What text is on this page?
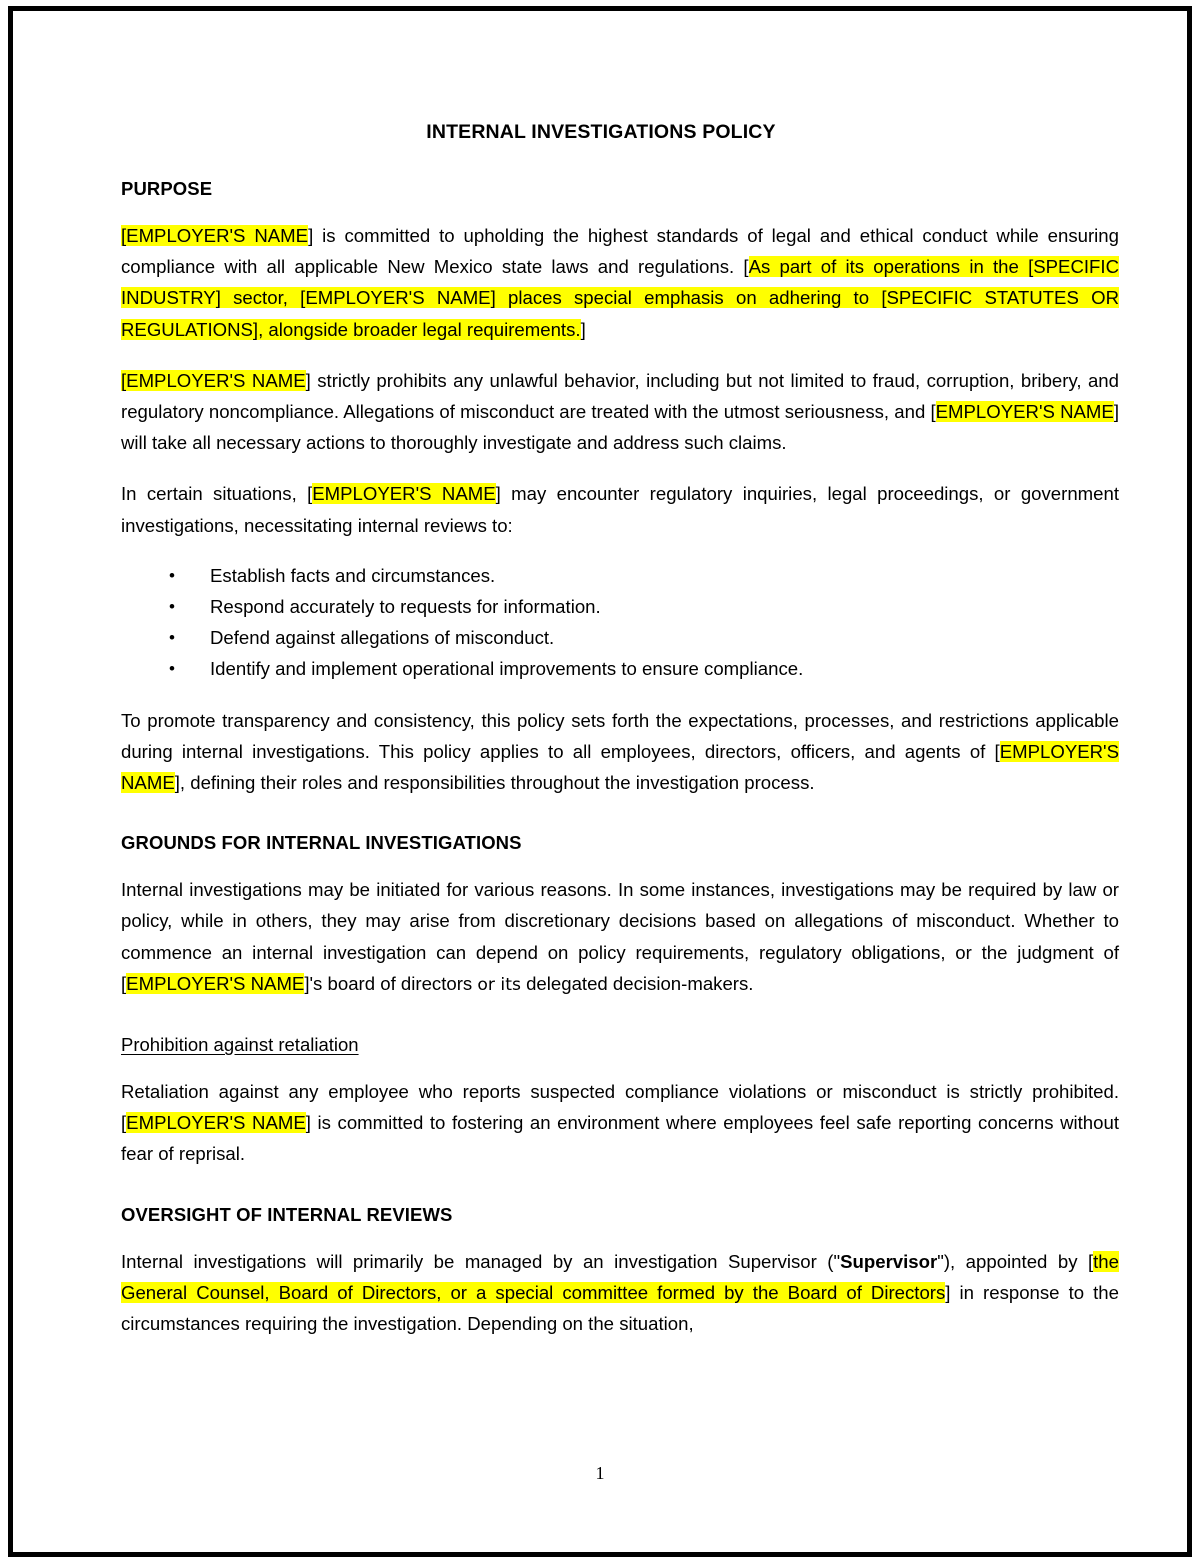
INTERNAL INVESTIGATIONS POLICY
PURPOSE

[EMPLOYER'S NAME] is committed to upholding the highest standards of legal and ethical conduct while ensuring compliance with all applicable New Mexico state laws and regulations. [As part of its operations in the [SPECIFIC INDUSTRY] sector, [EMPLOYER'S NAME] places special emphasis on adhering to [SPECIFIC STATUTES OR REGULATIONS], alongside broader legal requirements.]

[EMPLOYER'S NAME] strictly prohibits any unlawful behavior, including but not limited to fraud, corruption, bribery, and regulatory noncompliance. Allegations of misconduct are treated with the utmost seriousness, and [EMPLOYER'S NAME] will take all necessary actions to thoroughly investigate and address such claims.

In certain situations, [EMPLOYER'S NAME] may encounter regulatory inquiries, legal proceedings, or government investigations, necessitating internal reviews to:

• Establish facts and circumstances.
• Respond accurately to requests for information.
• Defend against allegations of misconduct.
• Identify and implement operational improvements to ensure compliance.

To promote transparency and consistency, this policy sets forth the expectations, processes, and restrictions applicable during internal investigations. This policy applies to all employees, directors, officers, and agents of [EMPLOYER'S NAME], defining their roles and responsibilities throughout the investigation process.

GROUNDS FOR INTERNAL INVESTIGATIONS

Internal investigations may be initiated for various reasons. In some instances, investigations may be required by law or policy, while in others, they may arise from discretionary decisions based on allegations of misconduct. Whether to commence an internal investigation can depend on policy requirements, regulatory obligations, or the judgment of [EMPLOYER'S NAME]'s board of directors or its delegated decision-makers.

Prohibition against retaliation

Retaliation against any employee who reports suspected compliance violations or misconduct is strictly prohibited. [EMPLOYER'S NAME] is committed to fostering an environment where employees feel safe reporting concerns without fear of reprisal.

OVERSIGHT OF INTERNAL REVIEWS

Internal investigations will primarily be managed by an investigation Supervisor ("Supervisor"), appointed by [the General Counsel, Board of Directors, or a special committee formed by the Board of Directors] in response to the circumstances requiring the investigation. Depending on the situation,

1
